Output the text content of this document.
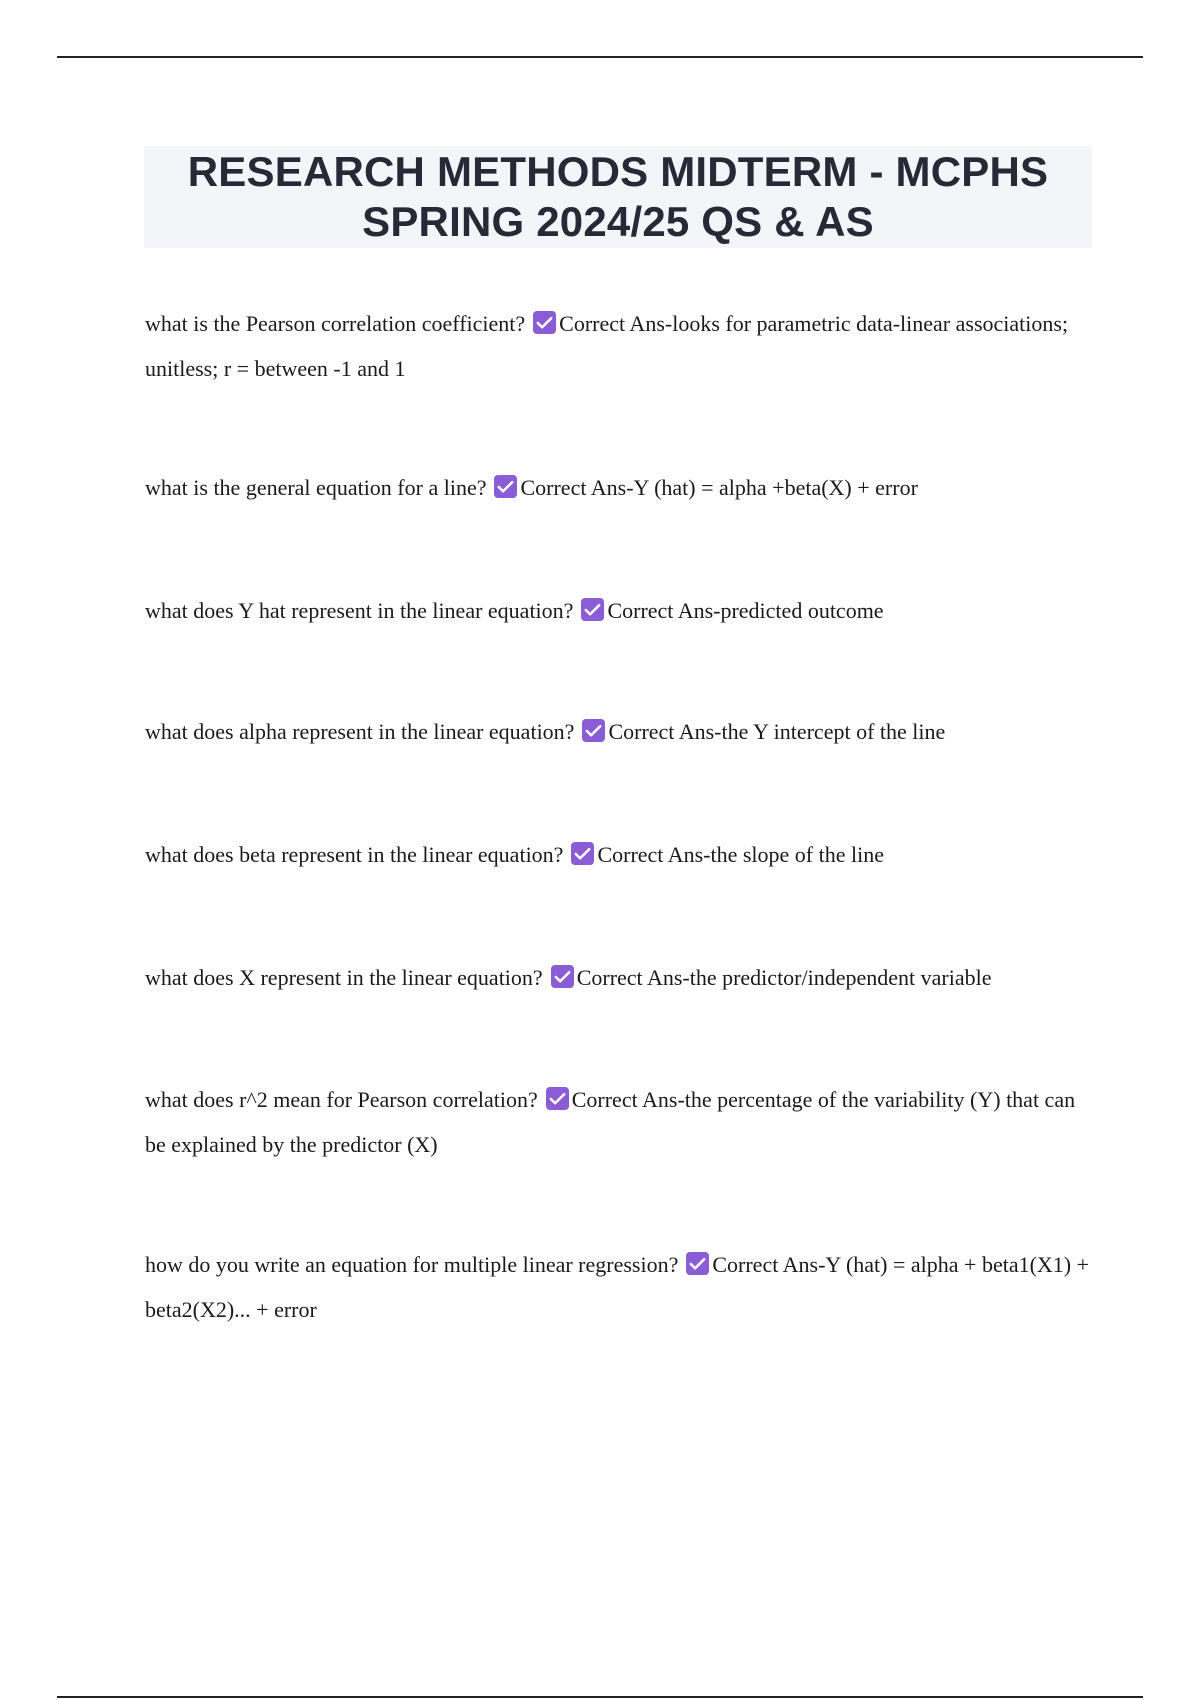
RESEARCH METHODS MIDTERM - MCPHS
SPRING 2024/25 QS & AS

what is the Pearson correlation coefficient? Correct Ans-looks for parametric data-linear associations; unitless; r = between -1 and 1

what is the general equation for a line? Correct Ans-Y (hat) = alpha +beta(X) + error

what does Y hat represent in the linear equation? Correct Ans-predicted outcome

what does alpha represent in the linear equation? Correct Ans-the Y intercept of the line

what does beta represent in the linear equation? Correct Ans-the slope of the line

what does X represent in the linear equation? Correct Ans-the predictor/independent variable

what does r^2 mean for Pearson correlation? Correct Ans-the percentage of the variability (Y) that can be explained by the predictor (X)

how do you write an equation for multiple linear regression? Correct Ans-Y (hat) = alpha + beta1(X1) + beta2(X2)... + error
